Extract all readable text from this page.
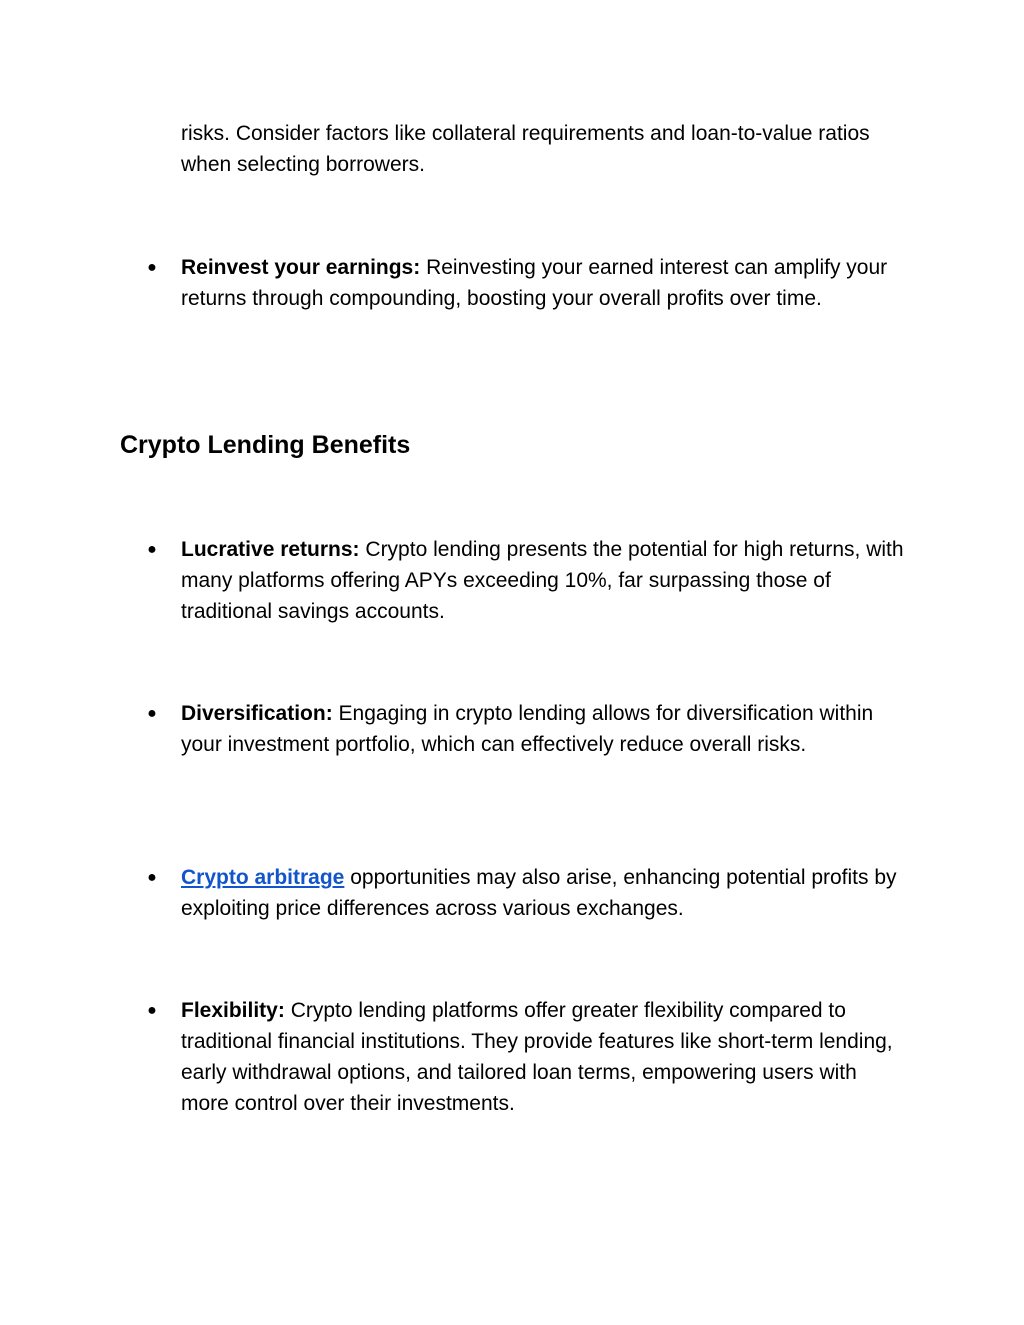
risks. Consider factors like collateral requirements and loan-to-value ratios when selecting borrowers.

●	Reinvest your earnings: Reinvesting your earned interest can amplify your returns through compounding, boosting your overall profits over time.

Crypto Lending Benefits
●	Lucrative returns: Crypto lending presents the potential for high returns, with many platforms offering APYs exceeding 10%, far surpassing those of traditional savings accounts.

●	Diversification: Engaging in crypto lending allows for diversification within your investment portfolio, which can effectively reduce overall risks.

●	Crypto arbitrage opportunities may also arise, enhancing potential profits by exploiting price differences across various exchanges.

●	Flexibility: Crypto lending platforms offer greater flexibility compared to traditional financial institutions. They provide features like short-term lending, early withdrawal options, and tailored loan terms, empowering users with more control over their investments.
